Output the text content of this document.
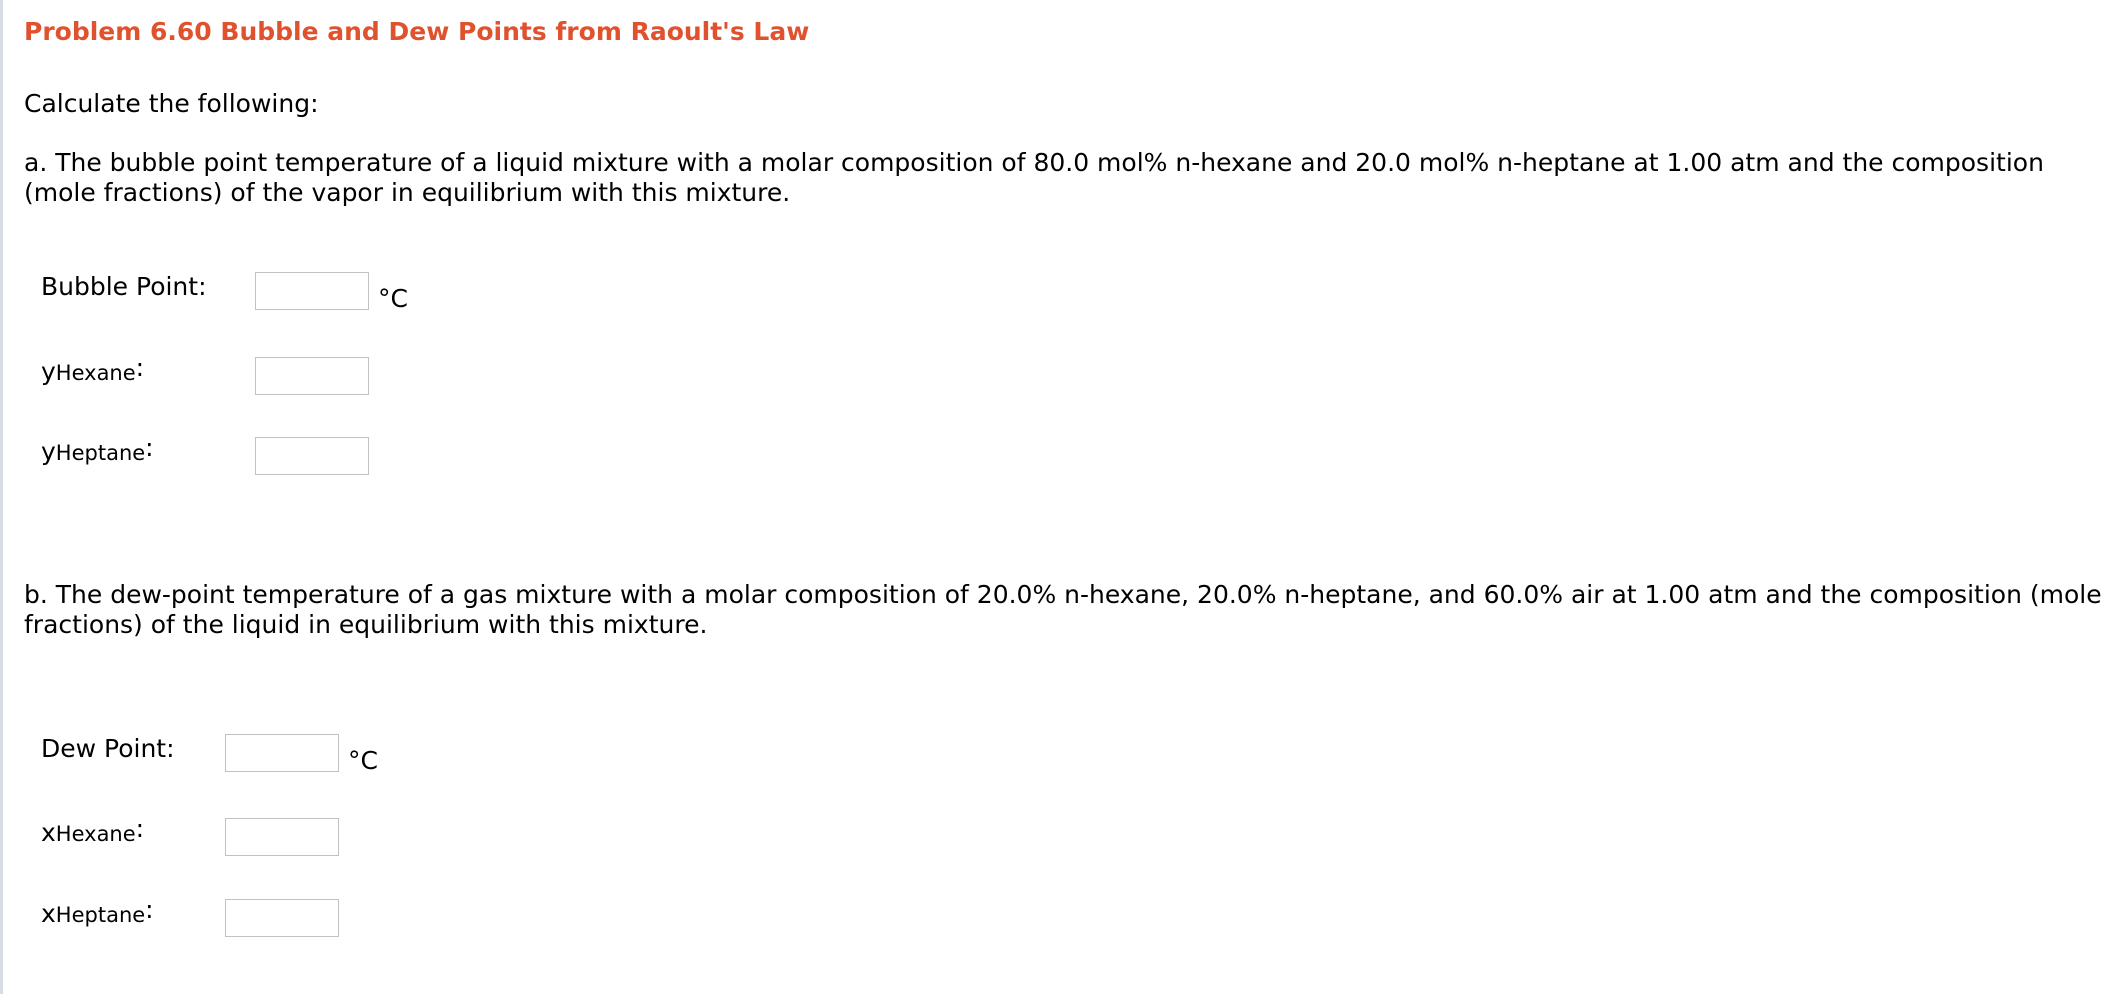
Problem 6.60 Bubble and Dew Points from Raoult's Law
Calculate the following:
a. The bubble point temperature of a liquid mixture with a molar composition of 80.0 mol% n-hexane and 20.0 mol% n-heptane at 1.00 atm and the composition (mole fractions) of the vapor in equilibrium with this mixture.
Bubble Point:	°C
yHexane:
yHeptane:
b. The dew-point temperature of a gas mixture with a molar composition of 20.0% n-hexane, 20.0% n-heptane, and 60.0% air at 1.00 atm and the composition (mole fractions) of the liquid in equilibrium with this mixture.
Dew Point:	°C
xHexane:
xHeptane:
